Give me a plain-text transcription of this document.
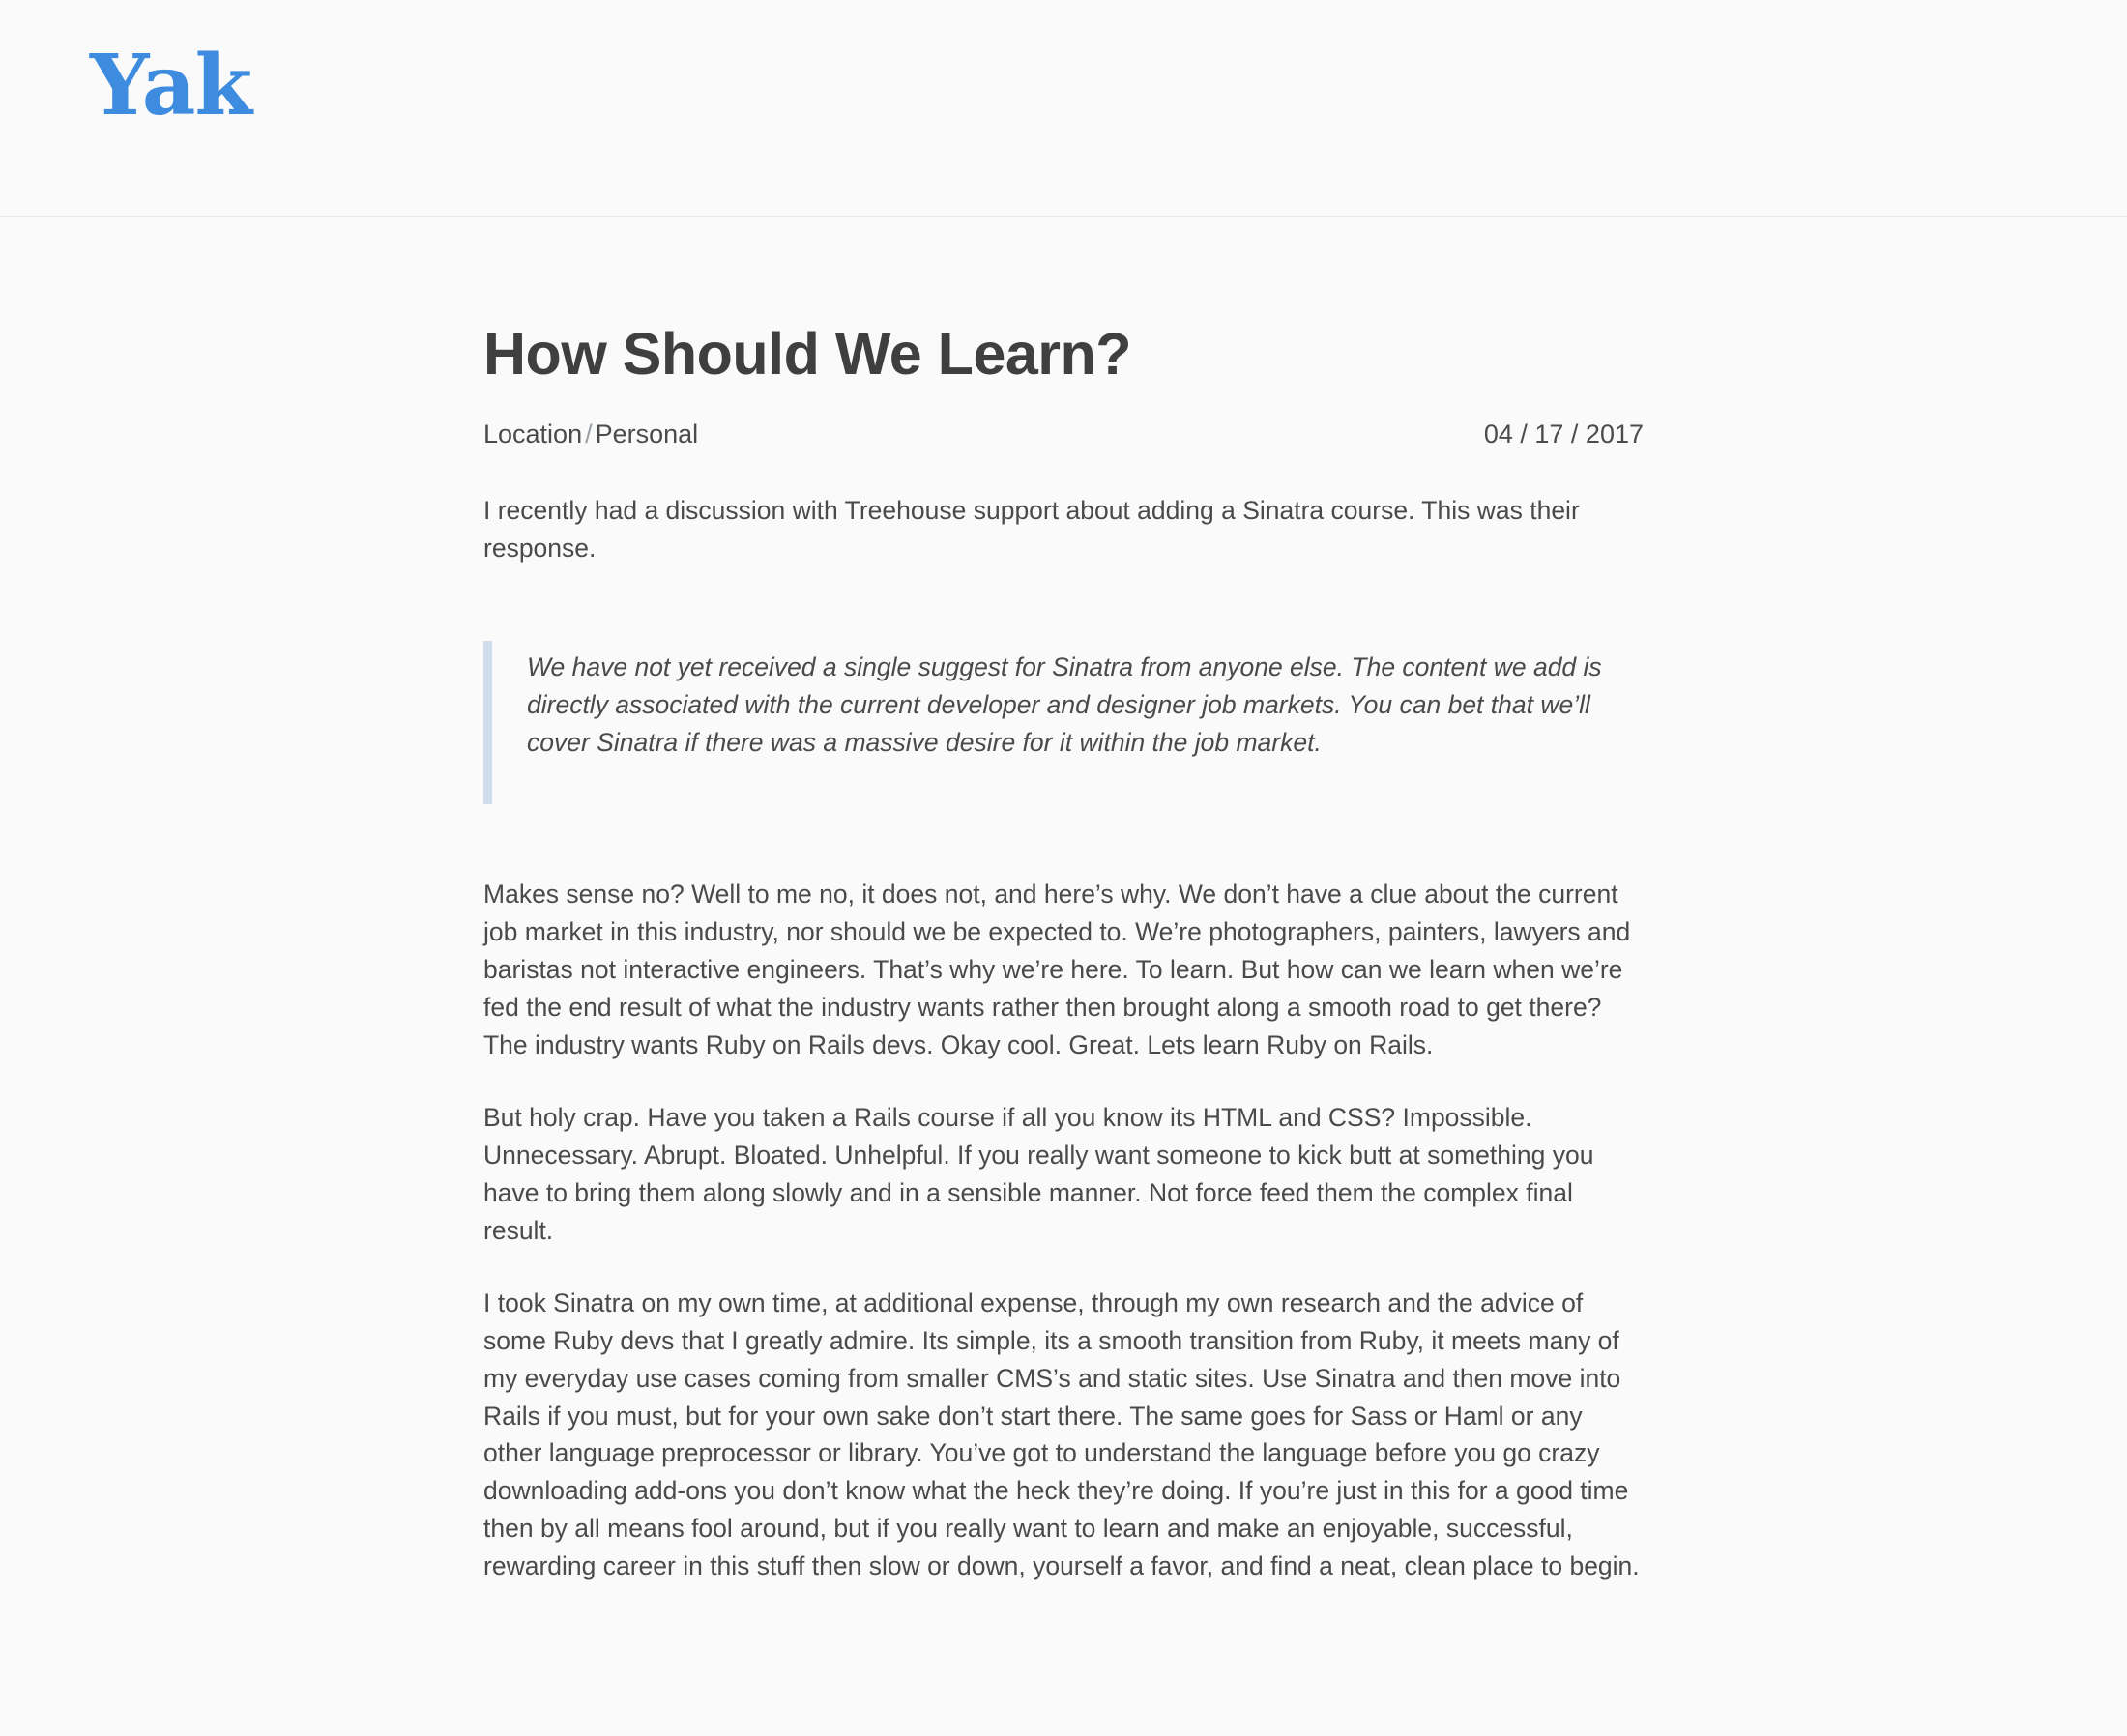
Yak
How Should We Learn?
Location / Personal	04 / 17 / 2017

I recently had a discussion with Treehouse support about adding a Sinatra course. This was their response.

We have not yet received a single suggest for Sinatra from anyone else. The content we add is directly associated with the current developer and designer job markets. You can bet that we’ll cover Sinatra if there was a massive desire for it within the job market.

Makes sense no? Well to me no, it does not, and here’s why. We don’t have a clue about the current job market in this industry, nor should we be expected to. We’re photographers, painters, lawyers and baristas not interactive engineers. That’s why we’re here. To learn. But how can we learn when we’re fed the end result of what the industry wants rather then brought along a smooth road to get there? The industry wants Ruby on Rails devs. Okay cool. Great. Lets learn Ruby on Rails.

But holy crap. Have you taken a Rails course if all you know its HTML and CSS? Impossible. Unnecessary. Abrupt. Bloated. Unhelpful. If you really want someone to kick butt at something you have to bring them along slowly and in a sensible manner. Not force feed them the complex final result.

I took Sinatra on my own time, at additional expense, through my own research and the advice of some Ruby devs that I greatly admire. Its simple, its a smooth transition from Ruby, it meets many of my everyday use cases coming from smaller CMS’s and static sites. Use Sinatra and then move into Rails if you must, but for your own sake don’t start there. The same goes for Sass or Haml or any other language preprocessor or library. You’ve got to understand the language before you go crazy downloading add-ons you don’t know what the heck they’re doing. If you’re just in this for a good time then by all means fool around, but if you really want to learn and make an enjoyable, successful, rewarding career in this stuff then slow or down, yourself a favor, and find a neat, clean place to begin.
